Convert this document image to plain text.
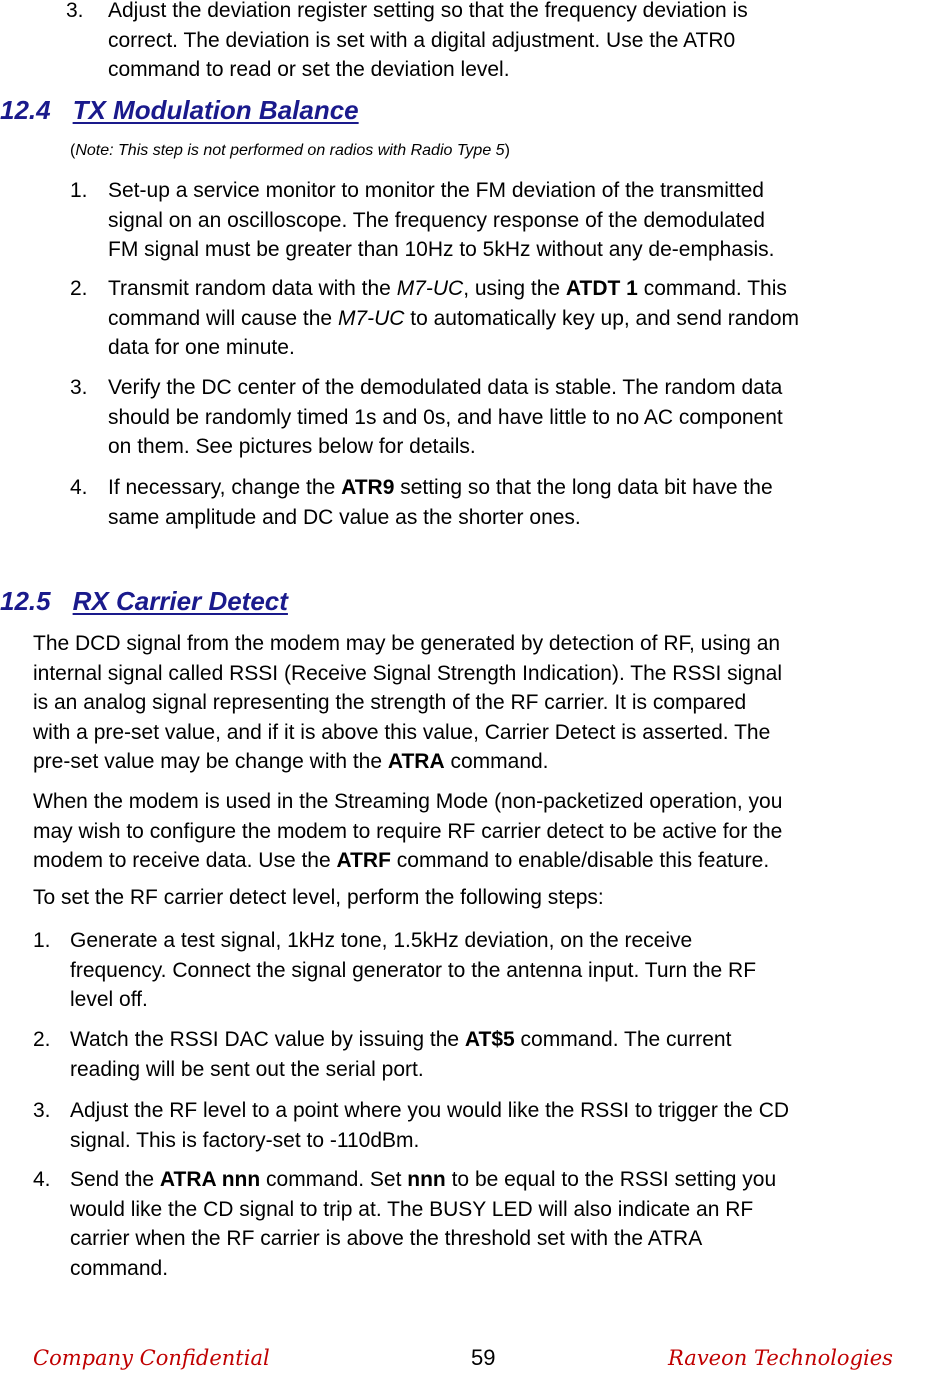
3. Adjust the deviation register setting so that the frequency deviation is
correct. The deviation is set with a digital adjustment. Use the ATR0
command to read or set the deviation level.
12.4 TX Modulation Balance
(Note: This step is not performed on radios with Radio Type 5)
1. Set-up a service monitor to monitor the FM deviation of the transmitted
signal on an oscilloscope. The frequency response of the demodulated
FM signal must be greater than 10Hz to 5kHz without any de-emphasis.
2. Transmit random data with the M7-UC, using the ATDT 1 command. This
command will cause the M7-UC to automatically key up, and send random
data for one minute.
3. Verify the DC center of the demodulated data is stable. The random data
should be randomly timed 1s and 0s, and have little to no AC component
on them. See pictures below for details.
4. If necessary, change the ATR9 setting so that the long data bit have the
same amplitude and DC value as the shorter ones.
12.5 RX Carrier Detect
The DCD signal from the modem may be generated by detection of RF, using an
internal signal called RSSI (Receive Signal Strength Indication). The RSSI signal
is an analog signal representing the strength of the RF carrier. It is compared
with a pre-set value, and if it is above this value, Carrier Detect is asserted. The
pre-set value may be change with the ATRA command.
When the modem is used in the Streaming Mode (non-packetized operation, you
may wish to configure the modem to require RF carrier detect to be active for the
modem to receive data. Use the ATRF command to enable/disable this feature.
To set the RF carrier detect level, perform the following steps:
1. Generate a test signal, 1kHz tone, 1.5kHz deviation, on the receive
frequency. Connect the signal generator to the antenna input. Turn the RF
level off.
2. Watch the RSSI DAC value by issuing the AT$5 command. The current
reading will be sent out the serial port.
3. Adjust the RF level to a point where you would like the RSSI to trigger the CD
signal. This is factory-set to -110dBm.
4. Send the ATRA nnn command. Set nnn to be equal to the RSSI setting you
would like the CD signal to trip at. The BUSY LED will also indicate an RF
carrier when the RF carrier is above the threshold set with the ATRA
command.
Company Confidential	59	Raveon Technologies
